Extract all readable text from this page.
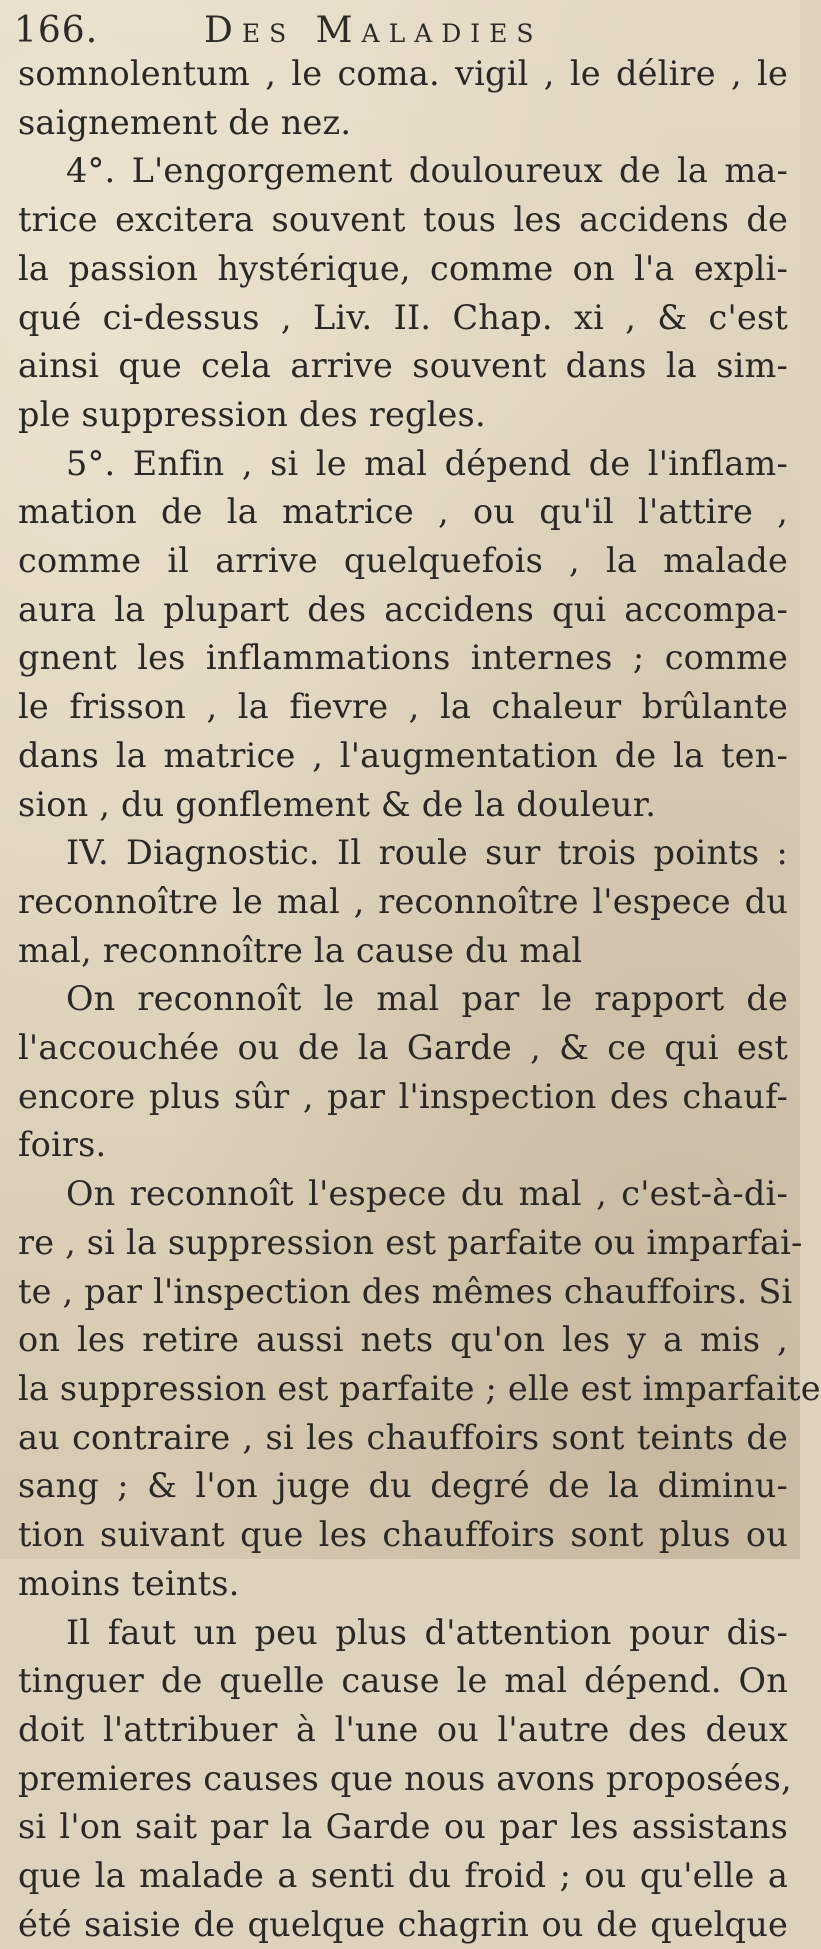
166.	Des Maladies
somnolentum , le coma. vigil , le délire , le
saignement de nez.
4°. L'engorgement douloureux de la ma-
trice excitera souvent tous les accidens de
la passion hystérique, comme on l'a expli-
qué ci-dessus , Liv. II. Chap. xi , & c'est
ainsi que cela arrive souvent dans la sim-
ple suppression des regles.
5°. Enfin , si le mal dépend de l'inflam-
mation de la matrice , ou qu'il l'attire ,
comme il arrive quelquefois , la malade
aura la plupart des accidens qui accompa-
gnent les inflammations internes ; comme
le frisson , la fievre , la chaleur brûlante
dans la matrice , l'augmentation de la ten-
sion , du gonflement & de la douleur.
IV. Diagnostic. Il roule sur trois points :
reconnoître le mal , reconnoître l'espece du
mal, reconnoître la cause du mal
On reconnoît le mal par le rapport de
l'accouchée ou de la Garde , & ce qui est
encore plus sûr , par l'inspection des chauf-
foirs.
On reconnoît l'espece du mal , c'est-à-di-
re , si la suppression est parfaite ou imparfai-
te , par l'inspection des mêmes chauffoirs. Si
on les retire aussi nets qu'on les y a mis ,
la suppression est parfaite ; elle est imparfaite
au contraire , si les chauffoirs sont teints de
sang ; & l'on juge du degré de la diminu-
tion suivant que les chauffoirs sont plus ou
moins teints.
Il faut un peu plus d'attention pour dis-
tinguer de quelle cause le mal dépend. On
doit l'attribuer à l'une ou l'autre des deux
premieres causes que nous avons proposées,
si l'on sait par la Garde ou par les assistans
que la malade a senti du froid ; ou qu'elle a
été saisie de quelque chagrin ou de quelque
